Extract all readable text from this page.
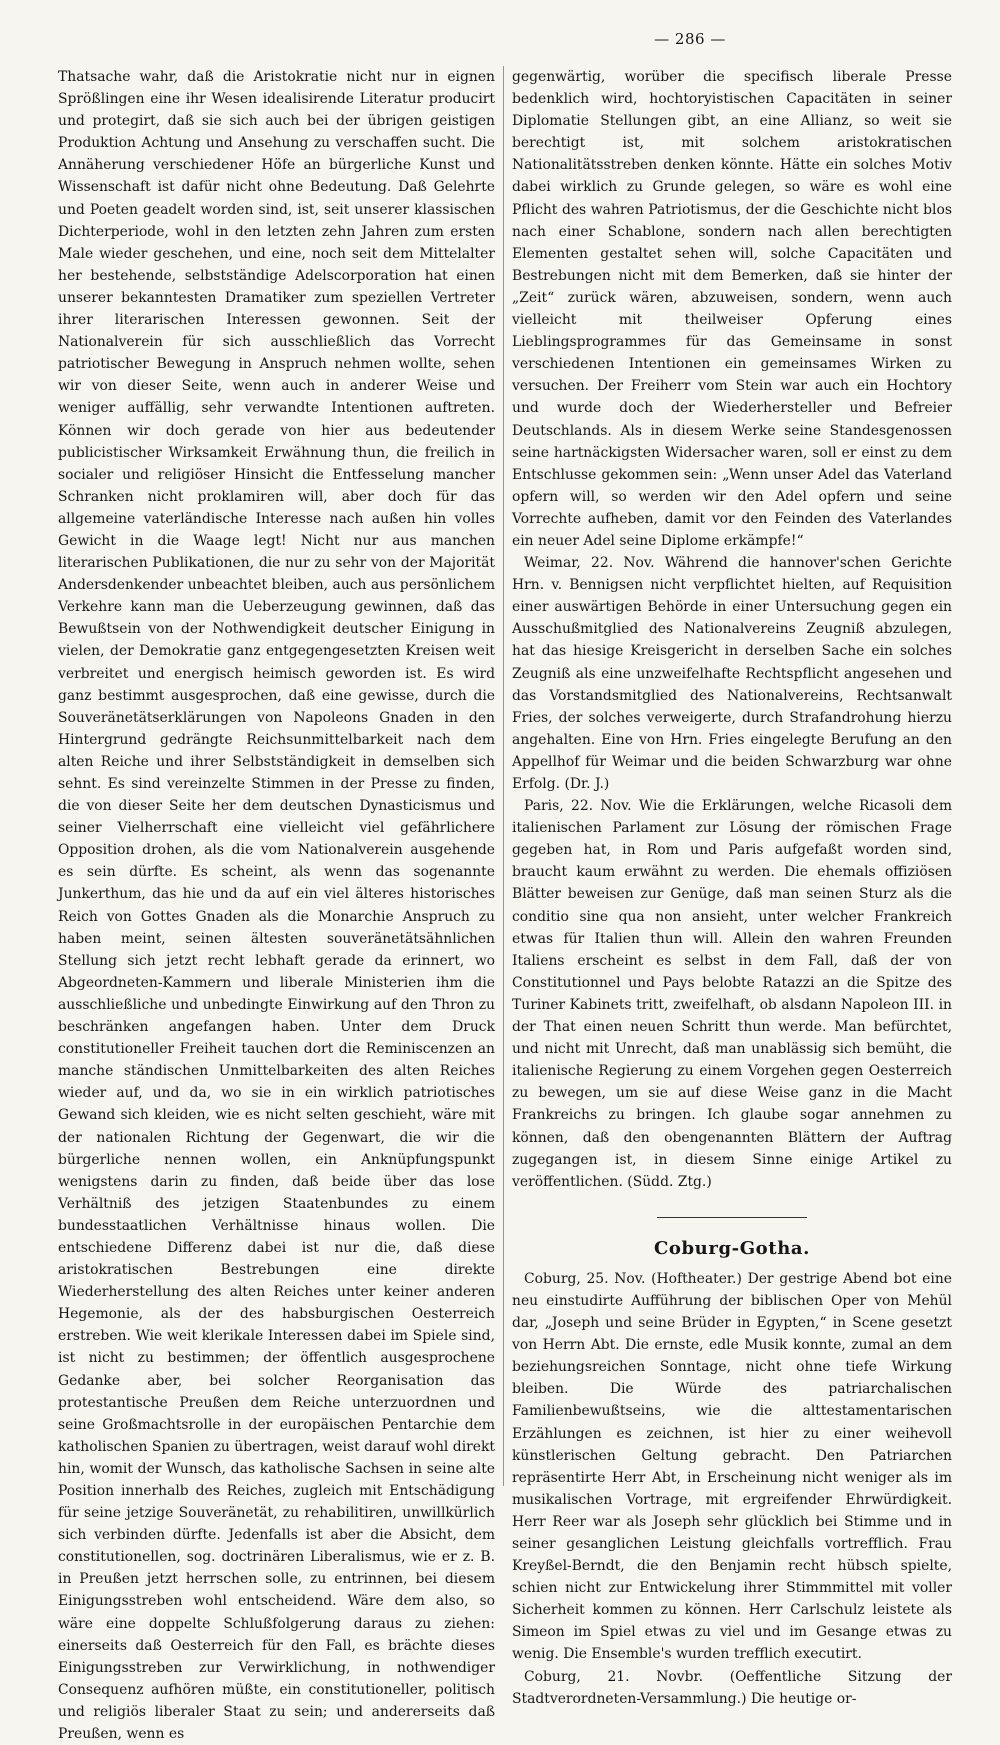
— 286 —

Thatsache wahr, daß die Aristokratie nicht nur in eignen Sprößlingen eine ihr Wesen idealisirende Literatur producirt und protegirt, daß sie sich auch bei der übrigen geistigen Produktion Achtung und Ansehung zu verschaffen sucht. Die Annäherung verschiedener Höfe an bürgerliche Kunst und Wissenschaft ist dafür nicht ohne Bedeutung. Daß Gelehrte und Poeten geadelt worden sind, ist, seit unserer klassischen Dichterperiode, wohl in den letzten zehn Jahren zum ersten Male wieder geschehen, und eine, noch seit dem Mittelalter her bestehende, selbstständige Adelscorporation hat einen unserer bekanntesten Dramatiker zum speziellen Vertreter ihrer literarischen Interessen gewonnen. Seit der Nationalverein für sich ausschließlich das Vorrecht patriotischer Bewegung in Anspruch nehmen wollte, sehen wir von dieser Seite, wenn auch in anderer Weise und weniger auffällig, sehr verwandte Intentionen auftreten. Können wir doch gerade von hier aus bedeutender publicistischer Wirksamkeit Erwähnung thun, die freilich in socialer und religiöser Hinsicht die Entfesselung mancher Schranken nicht proklamiren will, aber doch für das allgemeine vaterländische Interesse nach außen hin volles Gewicht in die Waage legt! Nicht nur aus manchen literarischen Publikationen, die nur zu sehr von der Majorität Andersdenkender unbeachtet bleiben, auch aus persönlichem Verkehre kann man die Ueberzeugung gewinnen, daß das Bewußtsein von der Nothwendigkeit deutscher Einigung in vielen, der Demokratie ganz entgegengesetzten Kreisen weit verbreitet und energisch heimisch geworden ist. Es wird ganz bestimmt ausgesprochen, daß eine gewisse, durch die Souveränetätserklärungen von Napoleons Gnaden in den Hintergrund gedrängte Reichsunmittelbarkeit nach dem alten Reiche und ihrer Selbstständigkeit in demselben sich sehnt. Es sind vereinzelte Stimmen in der Presse zu finden, die von dieser Seite her dem deutschen Dynasticismus und seiner Vielherrschaft eine vielleicht viel gefährlichere Opposition drohen, als die vom Nationalverein ausgehende es sein dürfte. Es scheint, als wenn das sogenannte Junkerthum, das hie und da auf ein viel älteres historisches Reich von Gottes Gnaden als die Monarchie Anspruch zu haben meint, seinen ältesten souveränetätsähnlichen Stellung sich jetzt recht lebhaft gerade da erinnert, wo Abgeordneten-Kammern und liberale Ministerien ihm die ausschließliche und unbedingte Einwirkung auf den Thron zu beschränken angefangen haben. Unter dem Druck constitutioneller Freiheit tauchen dort die Reminiscenzen an manche ständischen Unmittelbarkeiten des alten Reiches wieder auf, und da, wo sie in ein wirklich patriotisches Gewand sich kleiden, wie es nicht selten geschieht, wäre mit der nationalen Richtung der Gegenwart, die wir die bürgerliche nennen wollen, ein Anknüpfungspunkt wenigstens darin zu finden, daß beide über das lose Verhältniß des jetzigen Staatenbundes zu einem bundesstaatlichen Verhältnisse hinaus wollen. Die entschiedene Differenz dabei ist nur die, daß diese aristokratischen Bestrebungen eine direkte Wiederherstellung des alten Reiches unter keiner anderen Hegemonie, als der des habsburgischen Oesterreich erstreben. Wie weit klerikale Interessen dabei im Spiele sind, ist nicht zu bestimmen; der öffentlich ausgesprochene Gedanke aber, bei solcher Reorganisation das protestantische Preußen dem Reiche unterzuordnen und seine Großmachtsrolle in der europäischen Pentarchie dem katholischen Spanien zu übertragen, weist darauf wohl direkt hin, womit der Wunsch, das katholische Sachsen in seine alte Position innerhalb des Reiches, zugleich mit Entschädigung für seine jetzige Souveränetät, zu rehabilitiren, unwillkürlich sich verbinden dürfte. Jedenfalls ist aber die Absicht, dem constitutionellen, sog. doctrinären Liberalismus, wie er z. B. in Preußen jetzt herrschen solle, zu entrinnen, bei diesem Einigungsstreben wohl entscheidend. Wäre dem also, so wäre eine doppelte Schlußfolgerung daraus zu ziehen: einerseits daß Oesterreich für den Fall, es brächte dieses Einigungsstreben zur Verwirklichung, in nothwendiger Consequenz aufhören müßte, ein constitutioneller, politisch und religiös liberaler Staat zu sein; und andererseits daß Preußen, wenn es

gegenwärtig, worüber die specifisch liberale Presse bedenklich wird, hochtoryistischen Capacitäten in seiner Diplomatie Stellungen gibt, an eine Allianz, so weit sie berechtigt ist, mit solchem aristokratischen Nationalitätsstreben denken könnte. Hätte ein solches Motiv dabei wirklich zu Grunde gelegen, so wäre es wohl eine Pflicht des wahren Patriotismus, der die Geschichte nicht blos nach einer Schablone, sondern nach allen berechtigten Elementen gestaltet sehen will, solche Capacitäten und Bestrebungen nicht mit dem Bemerken, daß sie hinter der „Zeit“ zurück wären, abzuweisen, sondern, wenn auch vielleicht mit theilweiser Opferung eines Lieblingsprogrammes für das Gemeinsame in sonst verschiedenen Intentionen ein gemeinsames Wirken zu versuchen. Der Freiherr vom Stein war auch ein Hochtory und wurde doch der Wiederhersteller und Befreier Deutschlands. Als in diesem Werke seine Standesgenossen seine hartnäckigsten Widersacher waren, soll er einst zu dem Entschlusse gekommen sein: „Wenn unser Adel das Vaterland opfern will, so werden wir den Adel opfern und seine Vorrechte aufheben, damit vor den Feinden des Vaterlandes ein neuer Adel seine Diplome erkämpfe!“

Weimar, 22. Nov. Während die hannover'schen Gerichte Hrn. v. Bennigsen nicht verpflichtet hielten, auf Requisition einer auswärtigen Behörde in einer Untersuchung gegen ein Ausschußmitglied des Nationalvereins Zeugniß abzulegen, hat das hiesige Kreisgericht in derselben Sache ein solches Zeugniß als eine unzweifelhafte Rechtspflicht angesehen und das Vorstandsmitglied des Nationalvereins, Rechtsanwalt Fries, der solches verweigerte, durch Strafandrohung hierzu angehalten. Eine von Hrn. Fries eingelegte Berufung an den Appellhof für Weimar und die beiden Schwarzburg war ohne Erfolg. (Dr. J.)

Paris, 22. Nov. Wie die Erklärungen, welche Ricasoli dem italienischen Parlament zur Lösung der römischen Frage gegeben hat, in Rom und Paris aufgefaßt worden sind, braucht kaum erwähnt zu werden. Die ehemals offiziösen Blätter beweisen zur Genüge, daß man seinen Sturz als die conditio sine qua non ansieht, unter welcher Frankreich etwas für Italien thun will. Allein den wahren Freunden Italiens erscheint es selbst in dem Fall, daß der von Constitutionnel und Pays belobte Ratazzi an die Spitze des Turiner Kabinets tritt, zweifelhaft, ob alsdann Napoleon III. in der That einen neuen Schritt thun werde. Man befürchtet, und nicht mit Unrecht, daß man unablässig sich bemüht, die italienische Regierung zu einem Vorgehen gegen Oesterreich zu bewegen, um sie auf diese Weise ganz in die Macht Frankreichs zu bringen. Ich glaube sogar annehmen zu können, daß den obengenannten Blättern der Auftrag zugegangen ist, in diesem Sinne einige Artikel zu veröffentlichen. (Südd. Ztg.)

Coburg-Gotha.

Coburg, 25. Nov. (Hoftheater.) Der gestrige Abend bot eine neu einstudirte Aufführung der biblischen Oper von Mehül dar, „Joseph und seine Brüder in Egypten,“ in Scene gesetzt von Herrn Abt. Die ernste, edle Musik konnte, zumal an dem beziehungsreichen Sonntage, nicht ohne tiefe Wirkung bleiben. Die Würde des patriarchalischen Familienbewußtseins, wie die alttestamentarischen Erzählungen es zeichnen, ist hier zu einer weihevoll künstlerischen Geltung gebracht. Den Patriarchen repräsentirte Herr Abt, in Erscheinung nicht weniger als im musikalischen Vortrage, mit ergreifender Ehrwürdigkeit. Herr Reer war als Joseph sehr glücklich bei Stimme und in seiner gesanglichen Leistung gleichfalls vortrefflich. Frau Kreyßel-Berndt, die den Benjamin recht hübsch spielte, schien nicht zur Entwickelung ihrer Stimmmittel mit voller Sicherheit kommen zu können. Herr Carlschulz leistete als Simeon im Spiel etwas zu viel und im Gesange etwas zu wenig. Die Ensemble's wurden trefflich executirt.

Coburg, 21. Novbr. (Oeffentliche Sitzung der Stadtverordneten-Versammlung.) Die heutige or-
